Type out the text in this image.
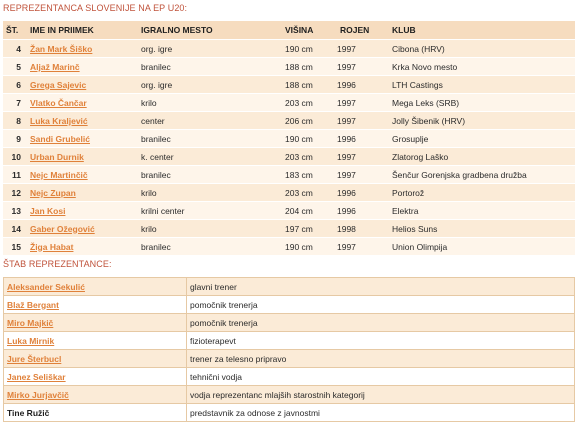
REPREZENTANCA SLOVENIJE NA EP U20:
ŠT.	IME IN PRIIMEK	IGRALNO MESTO	VIŠINA	ROJEN	KLUB
4	Žan Mark Šiško	org. igre	190 cm	1997	Cibona (HRV)
5	Aljaž Marinč	branilec	188 cm	1997	Krka Novo mesto
6	Grega Sajevic	org. igre	188 cm	1996	LTH Castings
7	Vlatko Čančar	krilo	203 cm	1997	Mega Leks (SRB)
8	Luka Kraljević	center	206 cm	1997	Jolly Šibenik (HRV)
9	Sandi Grubelić	branilec	190 cm	1996	Grosuplje
10	Urban Durnik	k. center	203 cm	1997	Zlatorog Laško
11	Nejc Martinčič	branilec	183 cm	1997	Šenčur Gorenjska gradbena družba
12	Nejc Zupan	krilo	203 cm	1996	Portorož
13	Jan Kosi	krilni center	204 cm	1996	Elektra
14	Gaber Ožegović	krilo	197 cm	1998	Helios Suns
15	Žiga Habat	branilec	190 cm	1997	Union Olimpija
ŠTAB REPREZENTANCE:
Aleksander Sekulić	glavni trener
Blaž Bergant	pomočnik trenerja
Miro Majkič	pomočnik trenerja
Luka Mirnik	fizioterapevt
Jure Šterbucl	trener za telesno pripravo
Janez Seliškar	tehnični vodja
Mirko Jurjavčič	vodja reprezentanc mlajših starostnih kategorij
Tine Ružič	predstavnik za odnose z javnostmi
